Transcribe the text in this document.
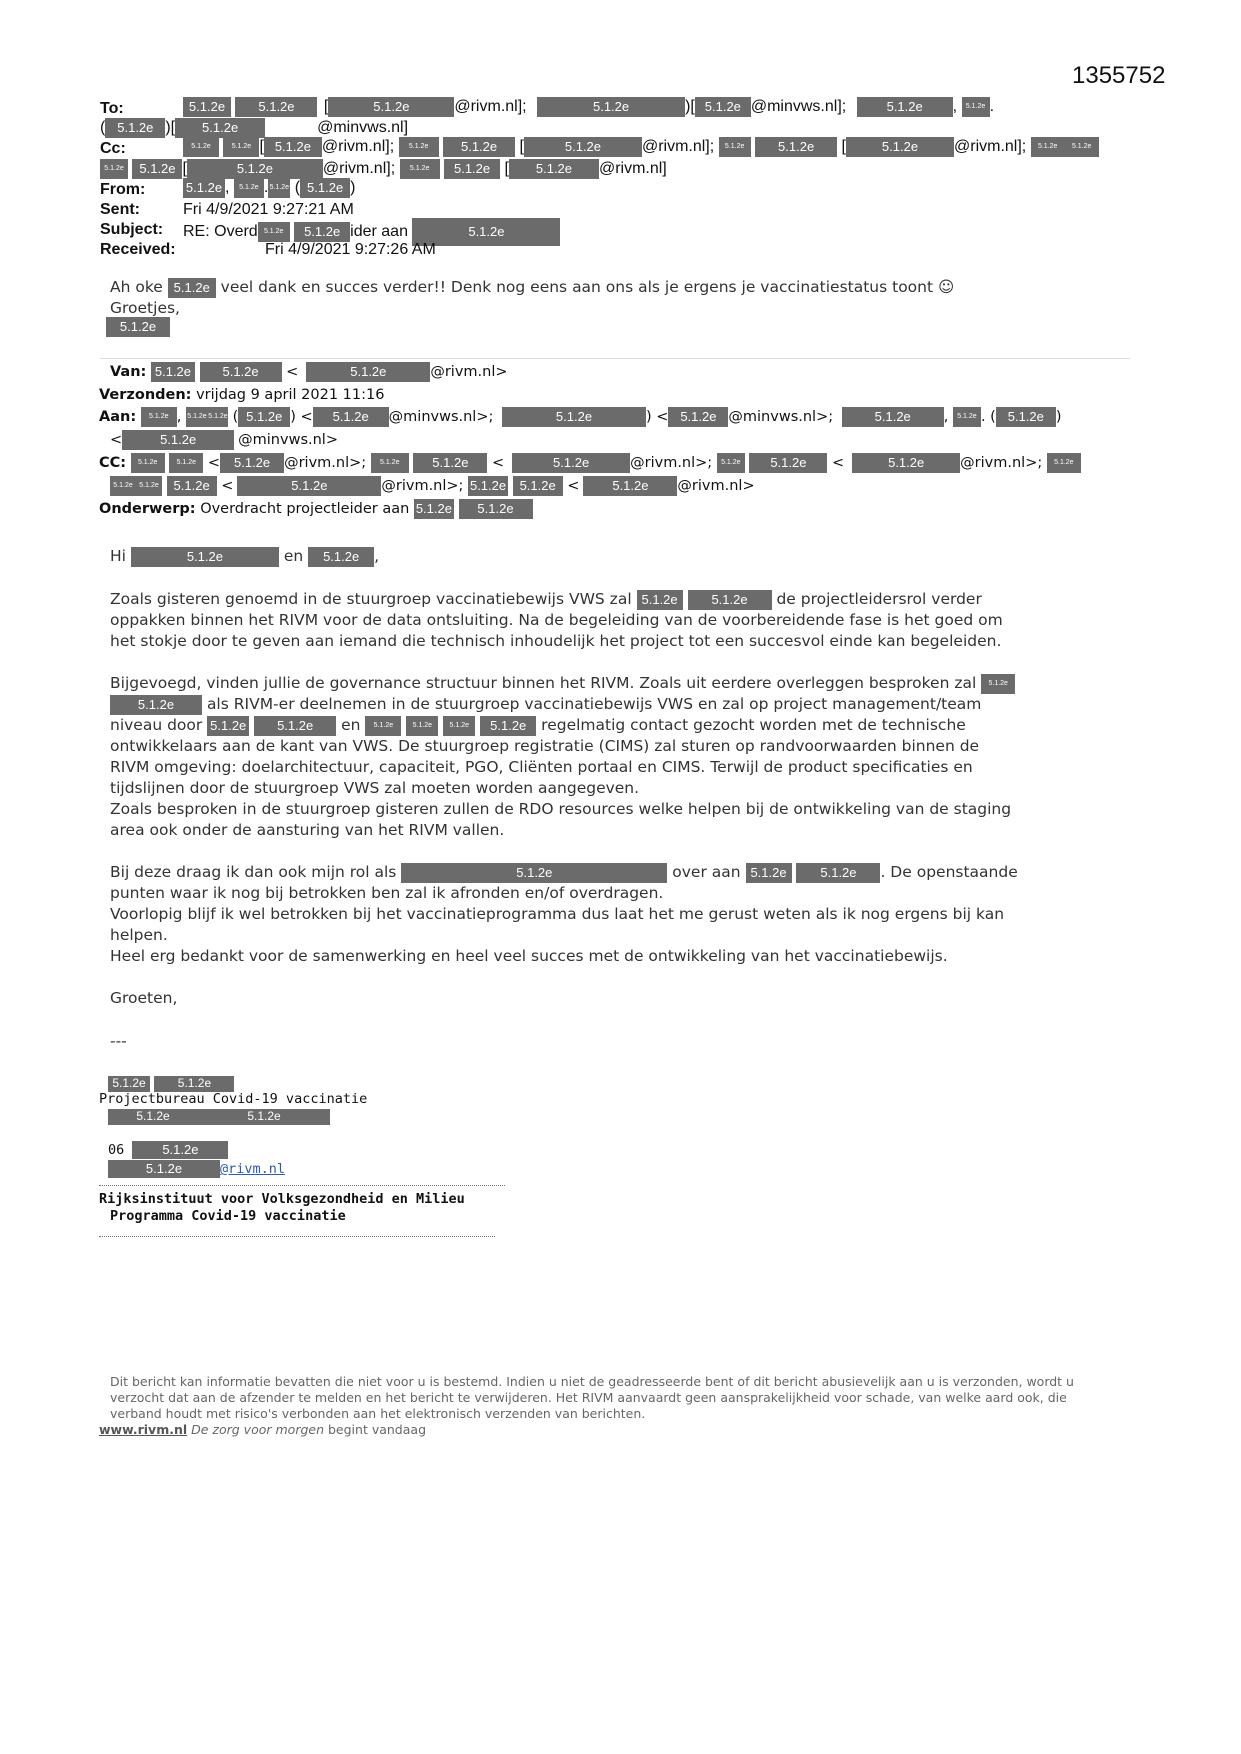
1355752
To:	5.1.2e	5.1.2e [	5.1.2e	@rivm.nl];	5.1.2e	)[ 5.1.2e @minvws.nl];	5.1.2e , 5.1.2e .
( 5.1.2e )[ 5.1.2e 5.1.2e @minvws.nl]
Cc:	5.1.2e	5.1.2e [ 5.1.2e @rivm.nl]; 5.1.2e	5.1.2e [	5.1.2e	@rivm.nl]; 5.1.2e	5.1.2e [	5.1.2e @rivm.nl]; 5.1.2e 5.1.2e
5.1.2e 5.1.2e [	5.1.2e	@rivm.nl]; 5.1.2e 5.1.2e [ 5.1.2e @rivm.nl]
From:	5.1.2e , 5.1.2e .5.1.2e ( 5.1.2e )
Sent:	Fri 4/9/2021 9:27:21 AM
Subject: RE: Overd 5.1.2e 5.1.2e ider aan	5.1.2e
Received:	Fri 4/9/2021 9:27:26 AM
Ah oke 5.1.2e veel dank en succes verder!! Denk nog eens aan ons als je ergens je vaccinatiestatus toont ☺
Groetjes,
5.1.2e
Van: 5.1.2e 5.1.2e <	5.1.2e	@rivm.nl>
Verzonden: vrijdag 9 april 2021 11:16
Aan: 5.1.2e , 5.1.2e 5.1.2e ( 5.1.2e ) < 5.1.2e @minvws.nl>;	5.1.2e	) < 5.1.2e @minvws.nl>;	5.1.2e , 5.1.2e . ( 5.1.2e )
<	5.1.2e	@minvws.nl>
CC: 5.1.2e	5.1.2e < 5.1.2e @rivm.nl>; 5.1.2e	5.1.2e <	5.1.2e	@rivm.nl>; 5.1.2e 5.1.2e <	5.1.2e @rivm.nl>; 5.1.2e
5.1.2e 5.1.2e 5.1.2e <	5.1.2e	@rivm.nl>; 5.1.2e 5.1.2e <	5.1.2e @rivm.nl>
Onderwerp: Overdracht projectleider aan 5.1.2e 5.1.2e
Hi	5.1.2e	en 5.1.2e ,
Zoals gisteren genoemd in de stuurgroep vaccinatiebewijs VWS zal 5.1.2e	5.1.2e de projectleidersrol verder
oppakken binnen het RIVM voor de data ontsluiting. Na de begeleiding van de voorbereidende fase is het goed om
het stokje door te geven aan iemand die technisch inhoudelijk het project tot een succesvol einde kan begeleiden.
Bijgevoegd, vinden jullie de governance structuur binnen het RIVM. Zoals uit eerdere overleggen besproken zal 5.1.2e
5.1.2e als RIVM-er deelnemen in de stuurgroep vaccinatiebewijs VWS en zal op project management/team
niveau door 5.1.2e 5.1.2e en 5.1.2e	5.1.2e 5.1.2e 5.1.2e regelmatig contact gezocht worden met de technische
ontwikkelaars aan de kant van VWS. De stuurgroep registratie (CIMS) zal sturen op randvoorwaarden binnen de
RIVM omgeving: doelarchitectuur, capaciteit, PGO, Cliënten portaal en CIMS. Terwijl de product specificaties en
tijdslijnen door de stuurgroep VWS zal moeten worden aangegeven.
Zoals besproken in de stuurgroep gisteren zullen de RDO resources welke helpen bij de ontwikkeling van de staging
area ook onder de aansturing van het RIVM vallen.
Bij deze draag ik dan ook mijn rol als	5.1.2e	over aan 5.1.2e	5.1.2e . De openstaande
punten waar ik nog bij betrokken ben zal ik afronden en/of overdragen.
Voorlopig blijf ik wel betrokken bij het vaccinatieprogramma dus laat het me gerust weten als ik nog ergens bij kan
helpen.
Heel erg bedankt voor de samenwerking en heel veel succes met de ontwikkeling van het vaccinatiebewijs.
Groeten,
---
5.1.2e	5.1.2e
Projectbureau Covid-19 vaccinatie
5.1.2e	5.1.2e
06	5.1.2e
5.1.2e	@rivm.nl
Rijksinstituut voor Volksgezondheid en Milieu
Programma Covid-19 vaccinatie
Dit bericht kan informatie bevatten die niet voor u is bestemd. Indien u niet de geadresseerde bent of dit bericht abusievelijk aan u is verzonden, wordt u
verzocht dat aan de afzender te melden en het bericht te verwijderen. Het RIVM aanvaardt geen aansprakelijkheid voor schade, van welke aard ook, die
verband houdt met risico's verbonden aan het elektronisch verzenden van berichten.
www.rivm.nl De zorg voor morgen begint vandaag
